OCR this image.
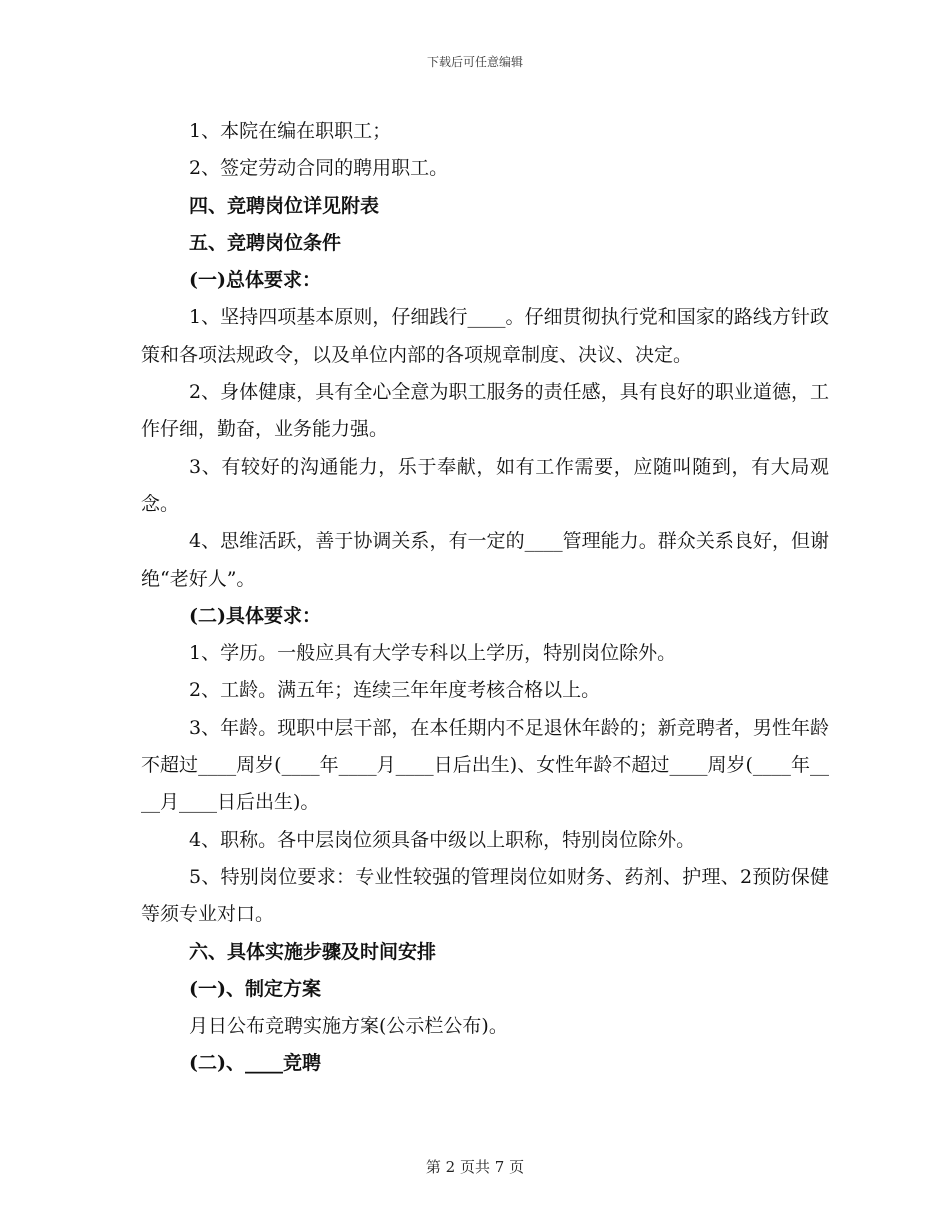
下载后可任意编辑

1、本院在编在职职工；

2、签定劳动合同的聘用职工。

四、竞聘岗位详见附表

五、竞聘岗位条件

(一)总体要求：

1、坚持四项基本原则，仔细践行____。仔细贯彻执行党和国家的路线方针政策和各项法规政令，以及单位内部的各项规章制度、决议、决定。

2、身体健康，具有全心全意为职工服务的责任感，具有良好的职业道德，工作仔细，勤奋，业务能力强。

3、有较好的沟通能力，乐于奉献，如有工作需要，应随叫随到，有大局观念。

4、思维活跃，善于协调关系，有一定的____管理能力。群众关系良好，但谢绝“老好人”。

(二)具体要求：

1、学历。一般应具有大学专科以上学历，特别岗位除外。

2、工龄。满五年；连续三年年度考核合格以上。

3、年龄。现职中层干部，在本任期内不足退休年龄的；新竞聘者，男性年龄不超过____周岁(____年____月____日后出生)、女性年龄不超过____周岁(____年____月____日后出生)。

4、职称。各中层岗位须具备中级以上职称，特别岗位除外。

5、特别岗位要求：专业性较强的管理岗位如财务、药剂、护理、2预防保健等须专业对口。

六、具体实施步骤及时间安排

(一)、制定方案

月日公布竞聘实施方案(公示栏公布)。

(二)、____竞聘

第 2 页共 7 页
